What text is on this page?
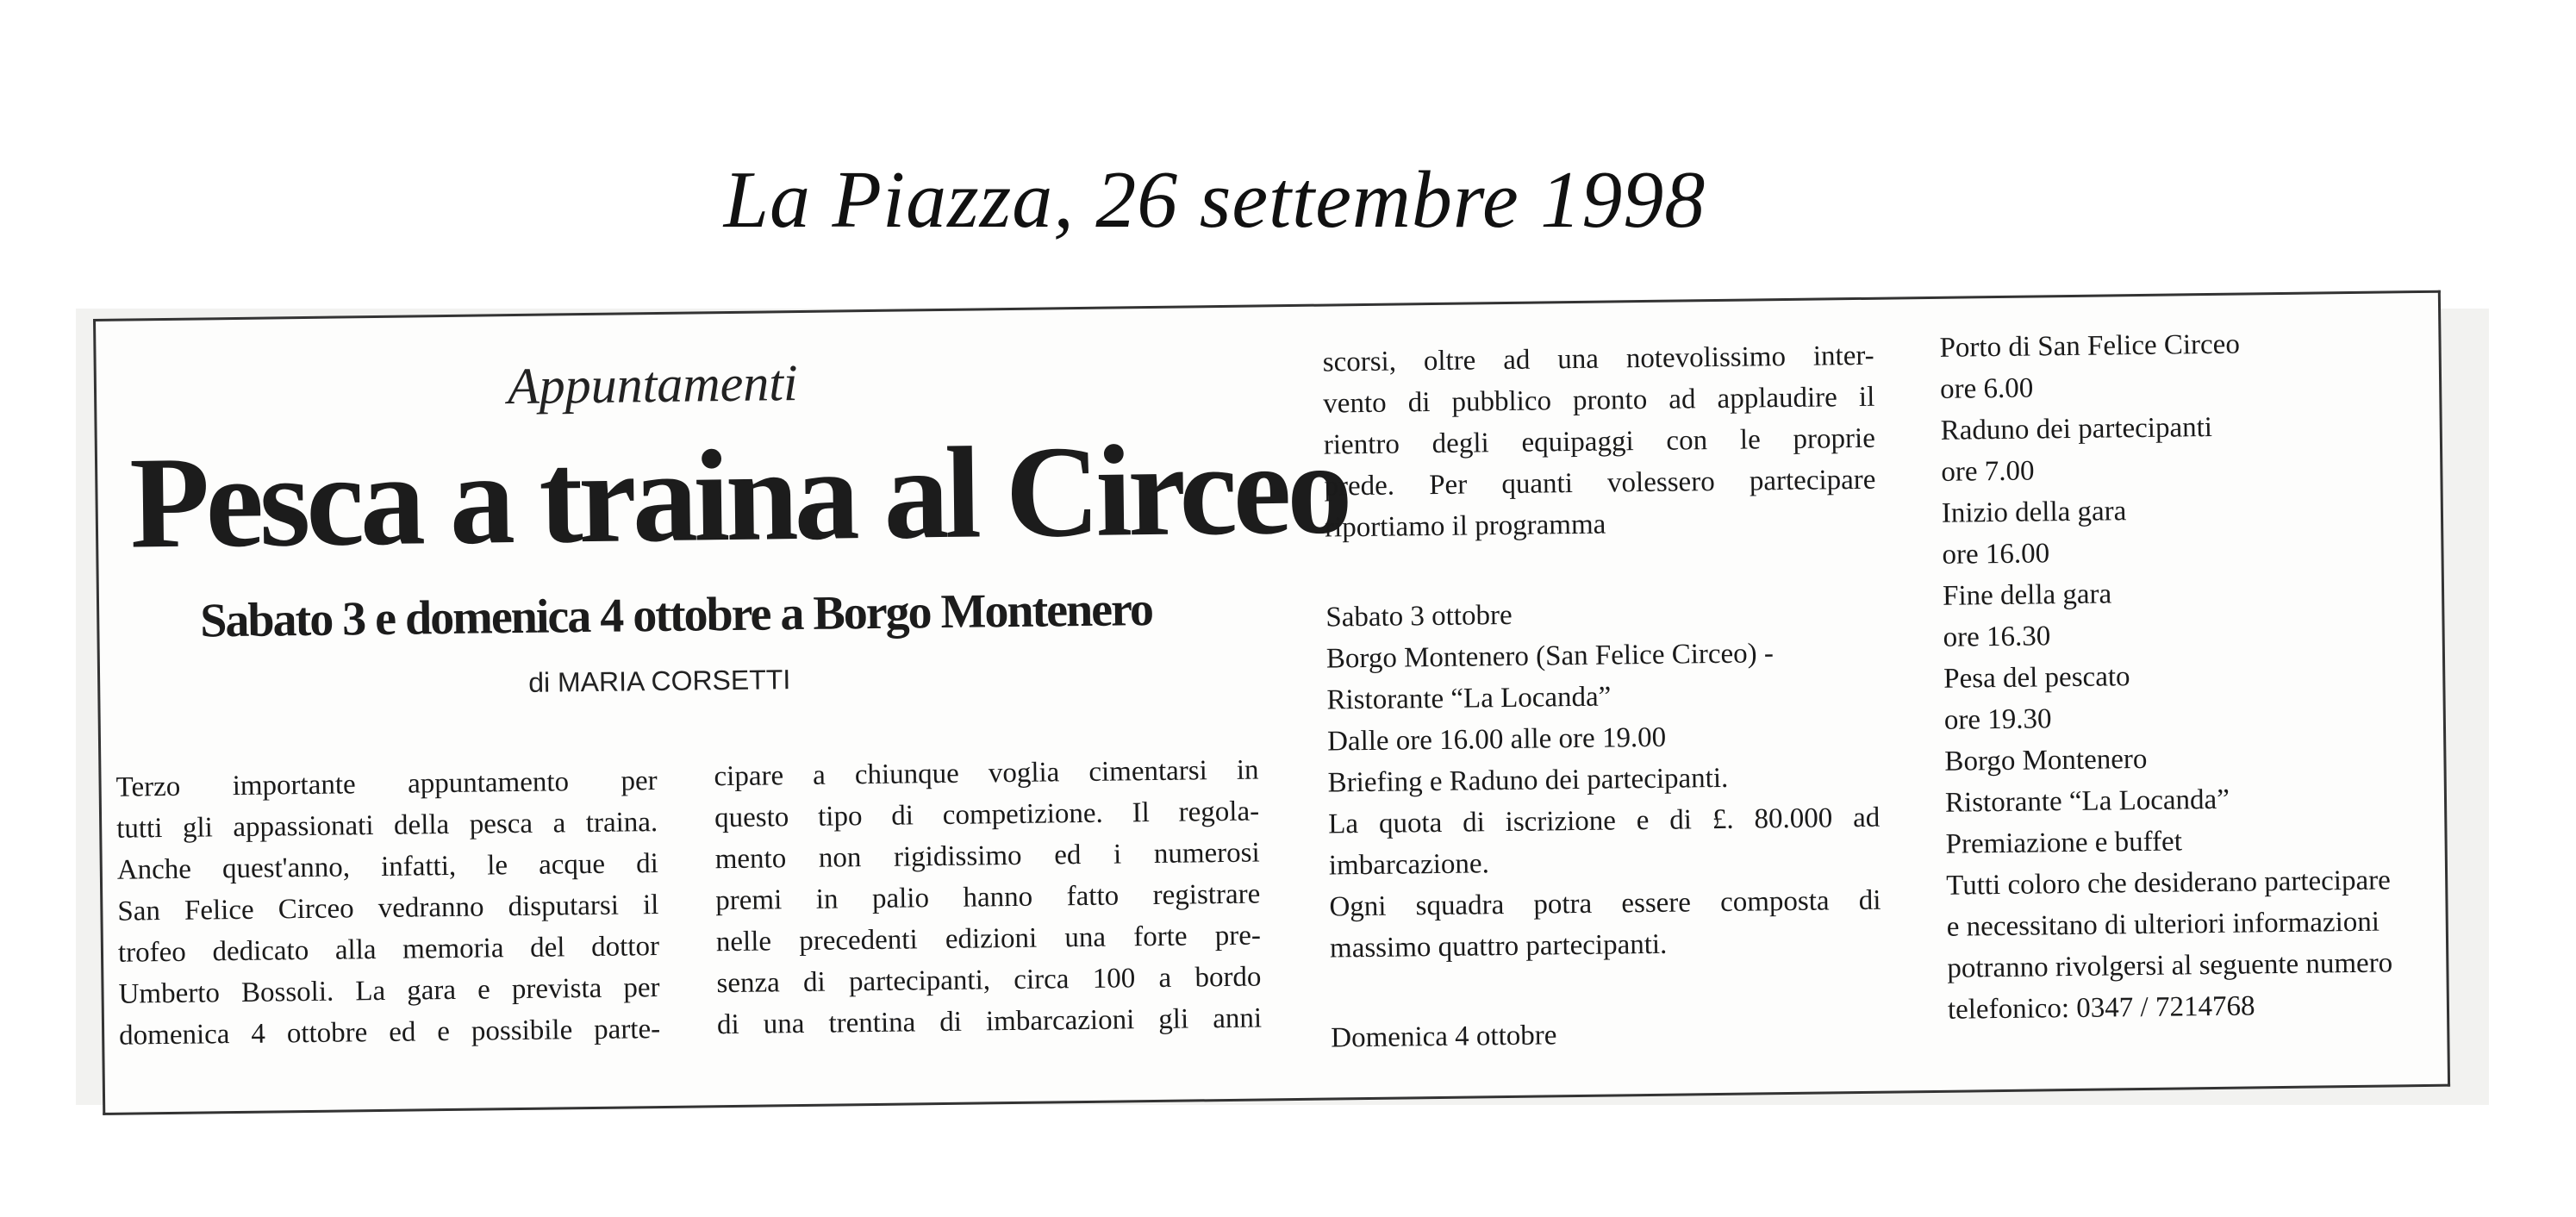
La Piazza, 26 settembre 1998
Appuntamenti
Pesca a traina al Circeo
Sabato 3 e domenica 4 ottobre a Borgo Montenero
di MARIA CORSETTI
Terzo importante appuntamento per
tutti gli appassionati della pesca a traina.
Anche quest'anno, infatti, le acque di
San Felice Circeo vedranno disputarsi il
trofeo dedicato alla memoria del dottor
Umberto Bossoli. La gara e prevista per
domenica 4 ottobre ed e possibile parte-
cipare a chiunque voglia cimentarsi in
questo tipo di competizione. Il regola-
mento non rigidissimo ed i numerosi
premi in palio hanno fatto registrare
nelle precedenti edizioni una forte pre-
senza di partecipanti, circa 100 a bordo
di una trentina di imbarcazioni gli anni
scorsi, oltre ad una notevolissimo inter-
vento di pubblico pronto ad applaudire il
rientro degli equipaggi con le proprie
prede. Per quanti volessero partecipare
riportiamo il programma
Sabato 3 ottobre
Borgo Montenero (San Felice Circeo) -
Ristorante “La Locanda”
Dalle ore 16.00 alle ore 19.00
Briefing e Raduno dei partecipanti.
La quota di iscrizione e di £. 80.000 ad
imbarcazione.
Ogni squadra potra essere composta di
massimo quattro partecipanti.
Domenica 4 ottobre
Porto di San Felice Circeo
ore 6.00
Raduno dei partecipanti
ore 7.00
Inizio della gara
ore 16.00
Fine della gara
ore 16.30
Pesa del pescato
ore 19.30
Borgo Montenero
Ristorante “La Locanda”
Premiazione e buffet
Tutti coloro che desiderano partecipare
e necessitano di ulteriori informazioni
potranno rivolgersi al seguente numero
telefonico: 0347 / 7214768
